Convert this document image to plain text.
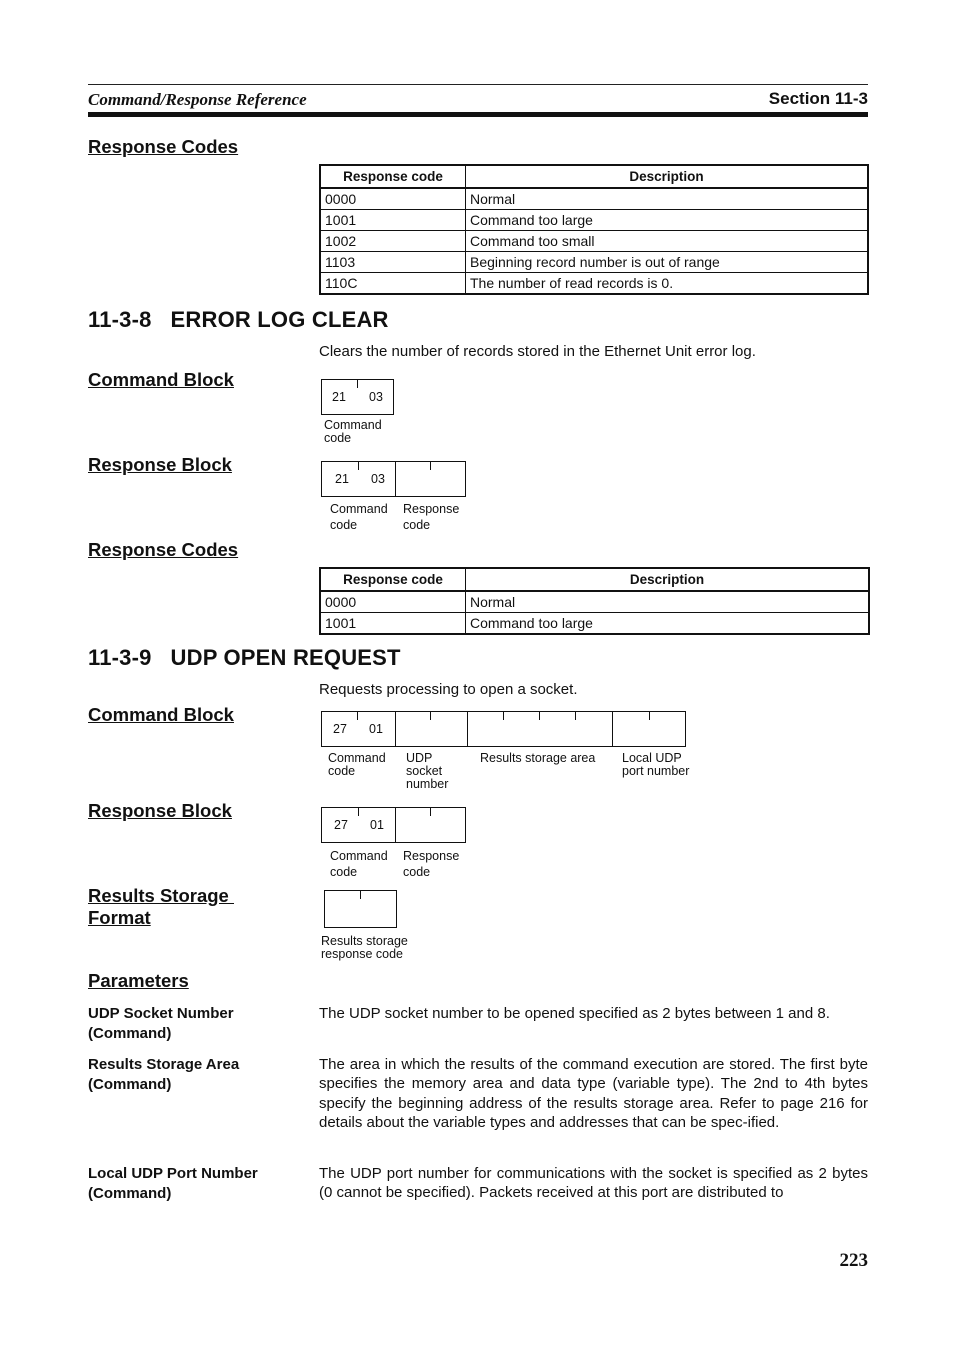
Command/Response Reference	Section 11-3
Response Codes
Response code	Description
0000	Normal
1001	Command too large
1002	Command too small
1103	Beginning record number is out of range
110C	The number of read records is 0.
11-3-8   ERROR LOG CLEAR
Clears the number of records stored in the Ethernet Unit error log.
Command Block
21 03
Command
code
Response Block
21 03
Command
code
Response
code
Response Codes
Response code	Description
0000	Normal
1001	Command too large
11-3-9   UDP OPEN REQUEST
Requests processing to open a socket.
Command Block
27 01
Command
code
UDP
socket
number
Results storage area Local UDP
port number
Response Block
27 01
Command
code
Response
code
Results Storage
Format
Results storage
response code
Parameters
UDP Socket Number
(Command)
The UDP socket number to be opened specified as 2 bytes between 1 and 8.
Results Storage Area
(Command)
The area in which the results of the command execution are stored. The first byte specifies the memory area and data type (variable type). The 2nd to 4th bytes specify the beginning address of the results storage area. Refer to page 216 for details about the variable types and addresses that can be spec-ified.
Local UDP Port Number
(Command)
The UDP port number for communications with the socket is specified as 2 bytes (0 cannot be specified). Packets received at this port are distributed to
223
